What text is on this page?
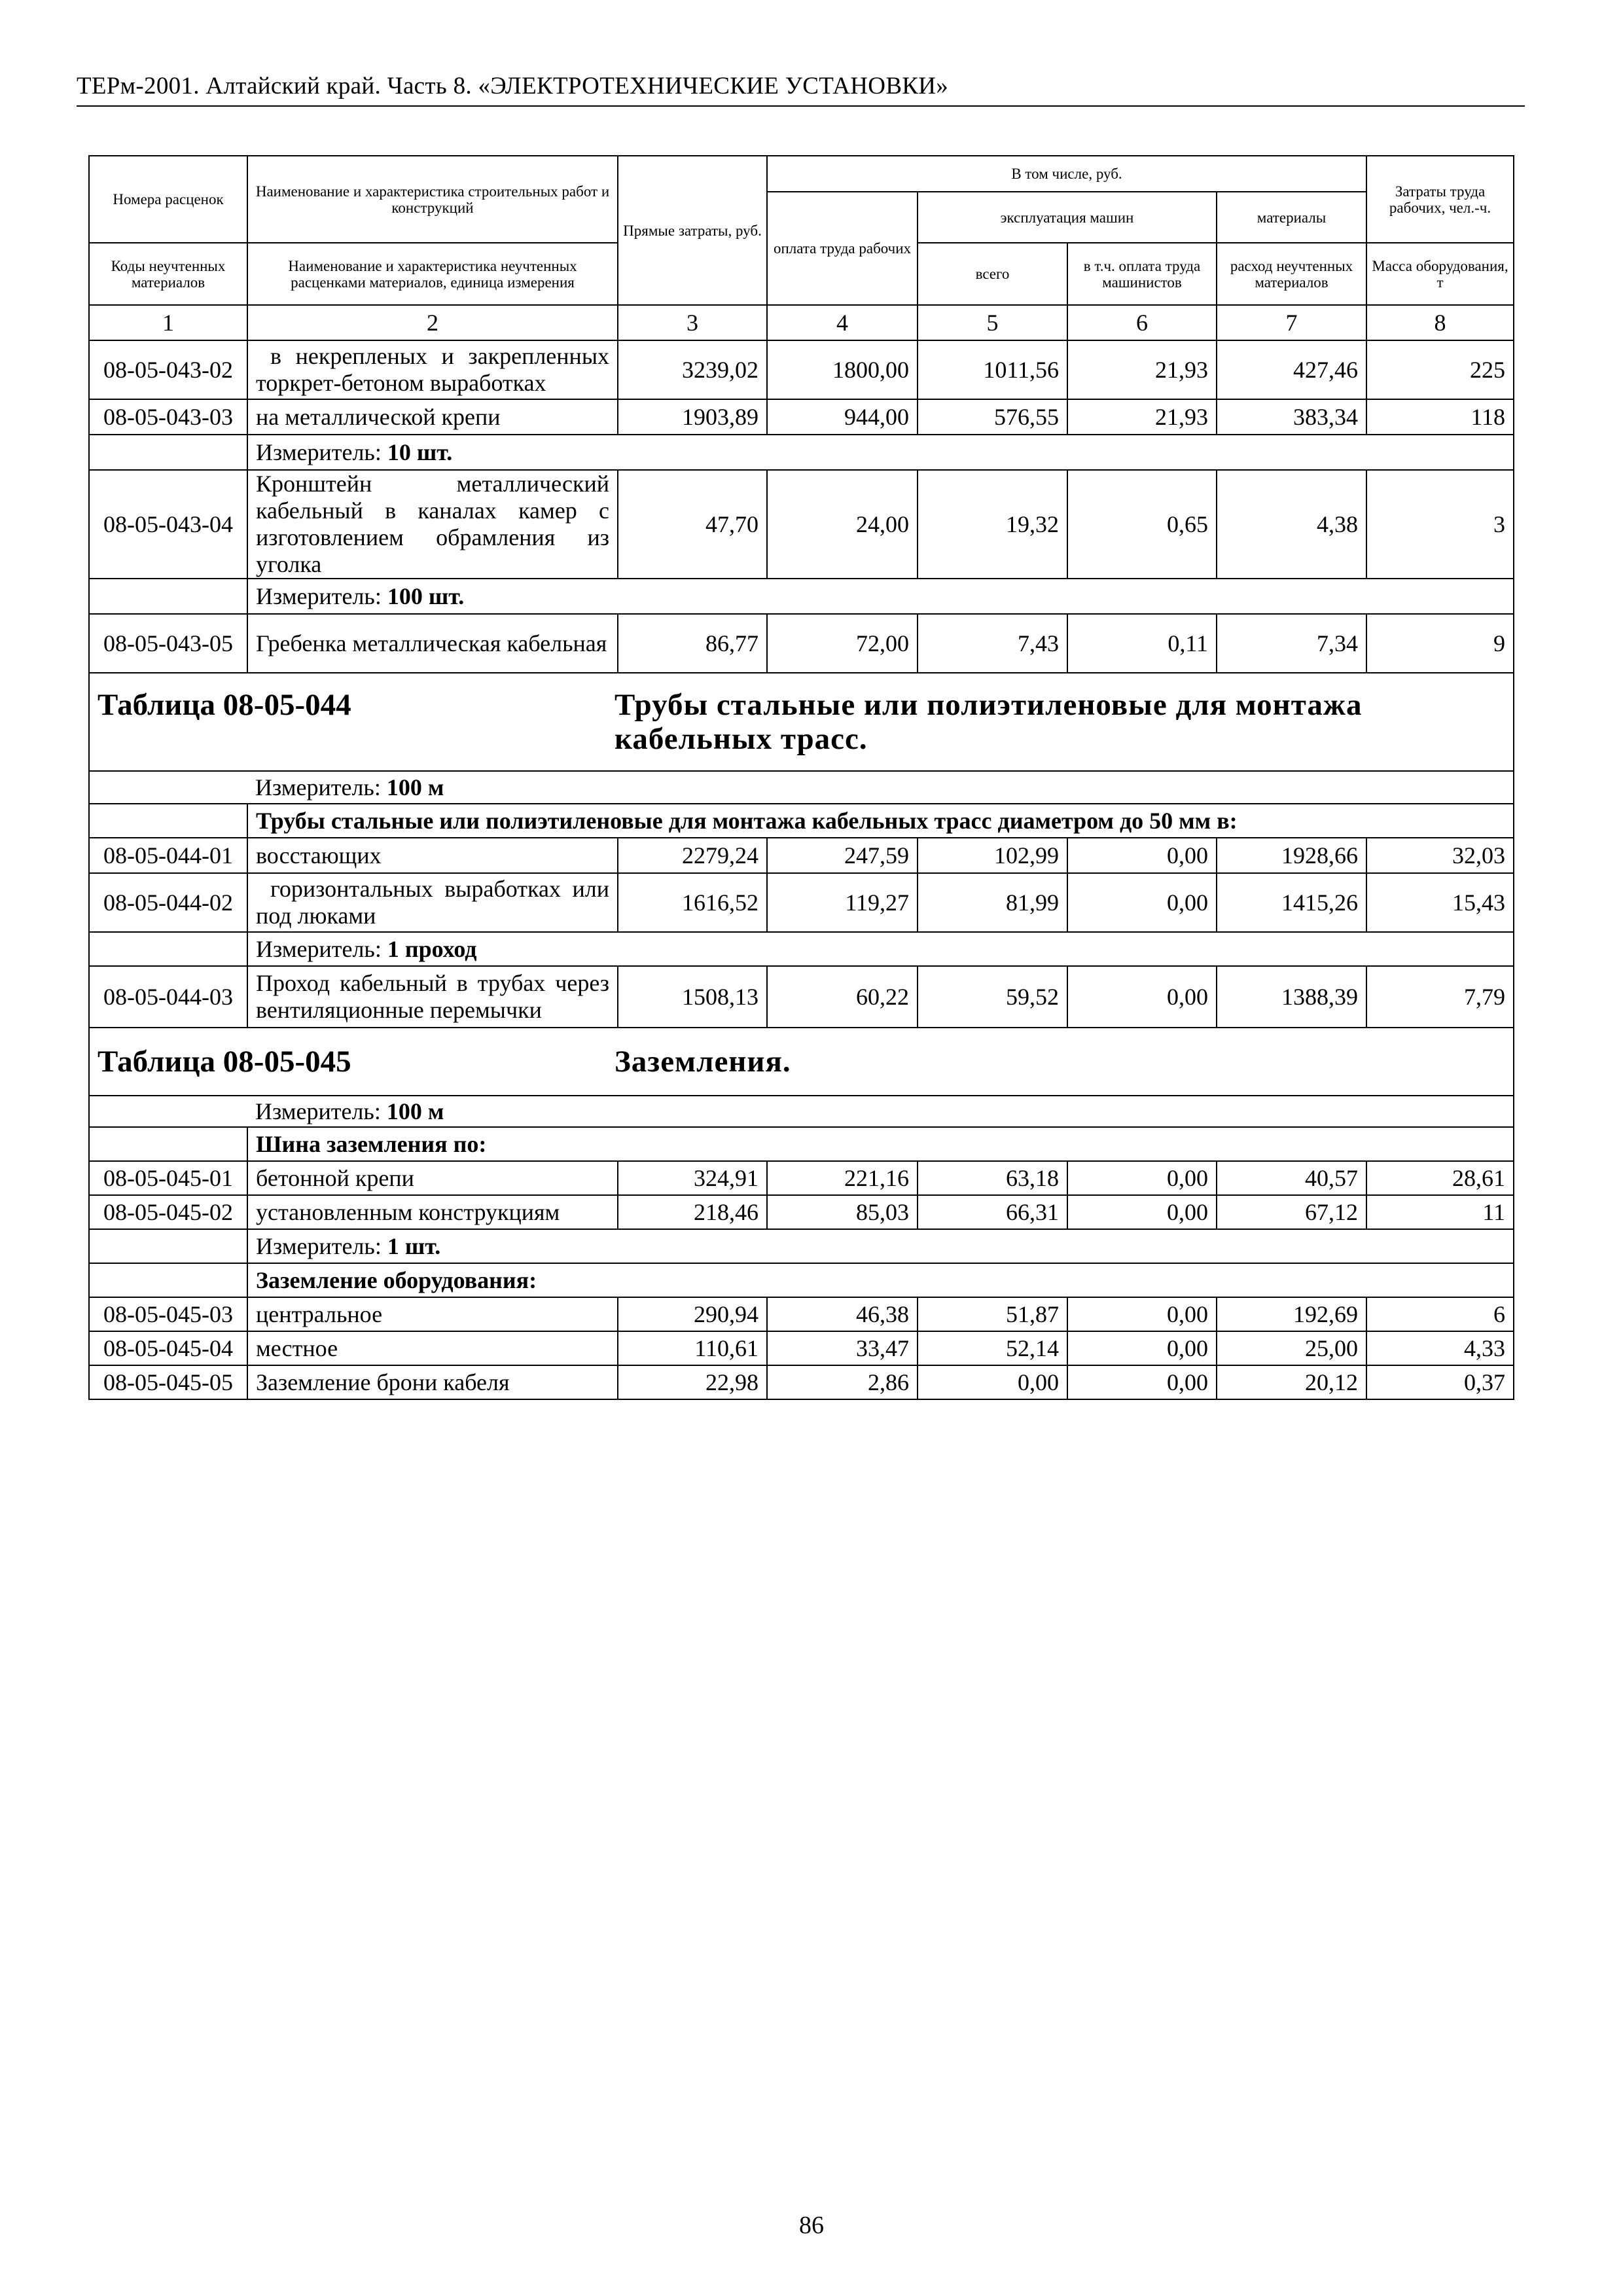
ТЕРм-2001. Алтайский край. Часть 8. «ЭЛЕКТРОТЕХНИЧЕСКИЕ УСТАНОВКИ»
Номера расценок	Наименование и характеристика строительных работ и конструкций	Прямые затраты, руб.	В том числе, руб.				Затраты труда рабочих, чел.-ч.
			оплата труда рабочих	эксплуатация машин		материалы	
Коды неучтенных материалов	Наименование и характеристика неучтенных расценками материалов, единица измерения			всего	в т.ч. оплата труда машинистов	расход неучтенных материалов	Масса оборудования, т
1	2	3	4	5	6	7	8
08-05-043-02	в некрепленых и закрепленных торкрет-бетоном выработках	3239,02	1800,00	1011,56	21,93	427,46	225
08-05-043-03	на металлической крепи	1903,89	944,00	576,55	21,93	383,34	118
	Измеритель: 10 шт.						
08-05-043-04	Кронштейн металлический кабельный в каналах камер с изготовлением обрамления из уголка	47,70	24,00	19,32	0,65	4,38	3
	Измеритель: 100 шт.						
08-05-043-05	Гребенка металлическая кабельная	86,77	72,00	7,43	0,11	7,34	9

Таблица 08-05-044 Трубы стальные или полиэтиленовые для монтажа кабельных трасс.							

	Измеритель: 100 м						
	Трубы стальные или полиэтиленовые для монтажа кабельных трасс диаметром до 50 мм в:						
08-05-044-01	восстающих	2279,24	247,59	102,99	0,00	1928,66	32,03
08-05-044-02	горизонтальных выработках или под люками	1616,52	119,27	81,99	0,00	1415,26	15,43
	Измеритель: 1 проход						
08-05-044-03	Проход кабельный в трубах через вентиляционные перемычки	1508,13	60,22	59,52	0,00	1388,39	7,79

Таблица 08-05-045 Заземления.							

	Измеритель: 100 м						
	Шина заземления по:						
08-05-045-01	бетонной крепи	324,91	221,16	63,18	0,00	40,57	28,61
08-05-045-02	установленным конструкциям	218,46	85,03	66,31	0,00	67,12	11
	Измеритель: 1 шт.						
	Заземление оборудования:						
08-05-045-03	центральное	290,94	46,38	51,87	0,00	192,69	6
08-05-045-04	местное	110,61	33,47	52,14	0,00	25,00	4,33
08-05-045-05	Заземление брони кабеля	22,98	2,86	0,00	0,00	20,12	0,37
86
